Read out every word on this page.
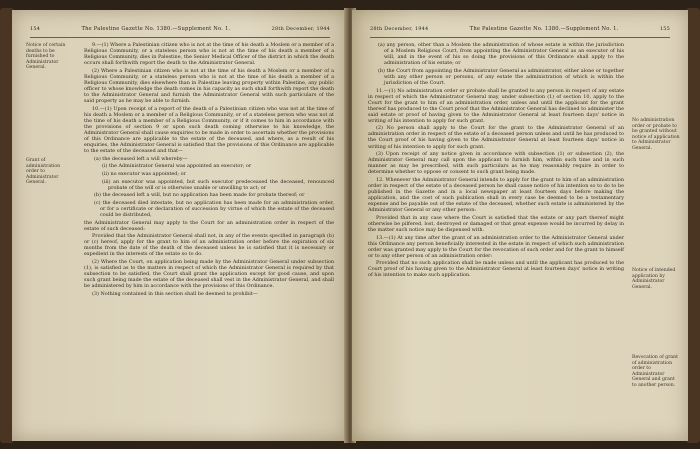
154	The Palestine Gazette No. 1380.—Supplement No. 1.	28th December, 1944
Notice of certain deaths to be furnished to Administrator General.
Grant of administration order to Administrator General.

9.—(1) Where a Palestinian citizen who is not at the time of his death a Moslem or a member of a Religious Community, or a stateless person who is not at the time of his death a member of a Religious Community, dies in Palestine, the Senior Medical Officer of the district in which the death occurs shall forthwith report the death to the Administrator General.

(2) Where a Palestinian citizen who is not at the time of his death a Moslem or a member of a Religious Community, or a stateless person who is not at the time of his death a member of a Religious Community, dies elsewhere than in Palestine leaving property within Palestine, any public officer to whose knowledge the death comes in his capacity as such shall forthwith report the death to the Administrator General and furnish the Administrator General with such particulars of the said property as he may be able to furnish.

10.—(1) Upon receipt of a report of the death of a Palestinian citizen who was not at the time of his death a Moslem or a member of a Religious Community, or of a stateless person who was not at the time of his death a member of a Religious Community, or if it comes to him in accordance with the provisions of section 9 or upon such death coming otherwise to his knowledge, the Administrator General shall cause enquiries to be made in order to ascertain whether the provisions of this Ordinance are applicable to the estate of the deceased, and where, as a result of his enquiries, the Administrator General is satisfied that the provisions of this Ordinance are applicable to the estate of the deceased and that—

(a) the deceased left a will whereby—

(i) the Administrator General was appointed an executor; or

(ii) no executor was appointed; or

(iii) an executor was appointed, but such executor predeceased the deceased, renounced probate of the will or is otherwise unable or unwilling to act; or

(b) the deceased left a will, but no application has been made for probate thereof; or

(c) the deceased died intestate, but no application has been made for an administration order, or for a certificate or declaration of succession by virtue of which the estate of the deceased could be distributed,

the Administrator General may apply to the Court for an administration order in respect of the estate of such deceased:

Provided that the Administrator General shall not, in any of the events specified in paragraph (b) or (c) hereof, apply for the grant to him of an administration order before the expiration of six months from the date of the death of the deceased unless he is satisfied that it is necessary or expedient in the interests of the estate so to do.

(2) Where the Court, on application being made by the Administrator General under subsection (1), is satisfied as to the matters in respect of which the Administrator General is required by that subsection to be satisfied, the Court shall grant the application except for good cause, and upon such grant being made the estate of the deceased shall vest in the Administrator General, and shall be administered by him in accordance with the provisions of this Ordinance.

(3) Nothing contained in this section shall be deemed to prohibit—

28th December, 1944	The Palestine Gazette No. 1380.—Supplement No. 1.	155
No administration order or probate to be granted without notice of application to Administrator General.
Notice of intended application by Administrator General.
Revocation of grant of administration order to Administrator General and grant to another person.

(a) any person, other than a Moslem the administration of whose estate is within the jurisdiction of a Moslem Religious Court, from appointing the Administrator General as an executor of his will, and in the event of his so doing the provisions of this Ordinance shall apply to the administration of his estate; or

(b) the Court from appointing the Administrator General as administrator, either alone or together with any other person or persons, of any estate the administration of which is within the jurisdiction of the Court.

11.—(1) No administration order or probate shall be granted to any person in respect of any estate in respect of which the Administrator General may, under subsection (1) of section 10, apply to the Court for the grant to him of an administration order, unless and until the applicant for the grant thereof has produced to the Court proof that the Administrator General has declined to administer the said estate or proof of having given to the Administrator General at least fourteen days' notice in writing of his intention to apply for such grant.

(2) No person shall apply to the Court for the grant to the Administrator General of an administration order in respect of the estate of a deceased person unless and until he has produced to the Court proof of his having given to the Administrator General at least fourteen days' notice in writing of his intention to apply for such grant.

(3) Upon receipt of any notice given in accordance with subsection (1) or subsection (2), the Administrator General may call upon the applicant to furnish him, within such time and in such manner as may be prescribed, with such particulars as he may reasonably require in order to determine whether to oppose or consent to such grant being made.

12. Whenever the Administrator General intends to apply for the grant to him of an administration order in respect of the estate of a deceased person he shall cause notice of his intention so to do to be published in the Gazette and in a local newspaper at least fourteen days before making the application, and the cost of such publication shall in every case be deemed to be a testamentary expense and be payable out of the estate of the deceased, whether such estate is administered by the Administrator General or any other person:

Provided that in any case where the Court is satisfied that the estate or any part thereof might otherwise be pilfered, lost, destroyed or damaged or that great expense would be incurred by delay in the matter such notice may be dispensed with.

13.—(1) At any time after the grant of an administration order to the Administrator General under this Ordinance any person beneficially interested in the estate in respect of which such administration order was granted may apply to the Court for the revocation of such order and for the grant to himself or to any other person of an administration order:

Provided that no such application shall be made unless and until the applicant has produced to the Court proof of his having given to the Administrator General at least fourteen days' notice in writing of his intention to make such application.
